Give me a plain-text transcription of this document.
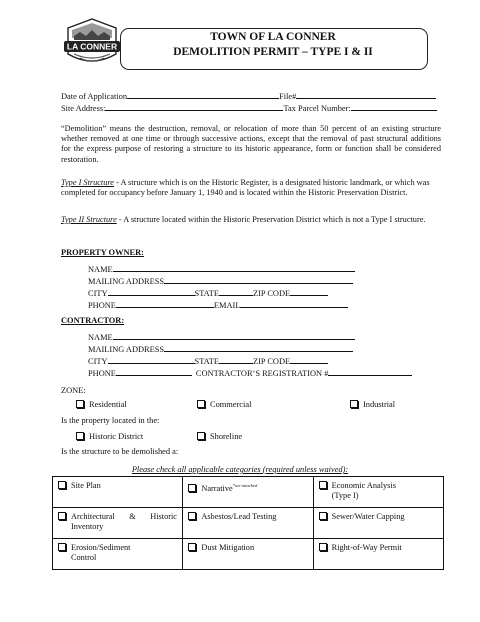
LA CONNER
TOWN OF LA CONNER
DEMOLITION PERMIT – TYPE I & II
Date of Application	File#
Site Address:	Tax Parcel Number:
“Demolition” means the destruction, removal, or relocation of more than 50 percent of an existing structure whether removed at one time or through successive actions, except that the removal of past structural additions for the express purpose of restoring a structure to its historic appearance, form or function shall be considered restoration.
Type I Structure - A structure which is on the Historic Register, is a designated historic landmark, or which was completed for occupancy before January 1, 1940 and is located within the Historic Preservation District.
Type II Structure - A structure located within the Historic Preservation District which is not a Type I structure.
PROPERTY OWNER:
NAME
MAILING ADDRESS
CITY	STATE	ZIP CODE
PHONE	EMAIL
CONTRACTOR:
NAME
MAILING ADDRESS
CITY	STATE	ZIP CODE
PHONE	CONTRACTOR’S REGISTRATION #
ZONE:
Residential	Commercial	Industrial
Is the property located in the:
Historic District	Shoreline
Is the structure to be demolished a:
Please check all applicable categories (required unless waived):
Site Plan	Narrative$^{*see attached}$	Economic Analysis (Type I)
Architectural & Historic Inventory	Asbestos/Lead Testing	Sewer/Water Capping
Erosion/Sediment Control	Dust Mitigation	Right-of-Way Permit
